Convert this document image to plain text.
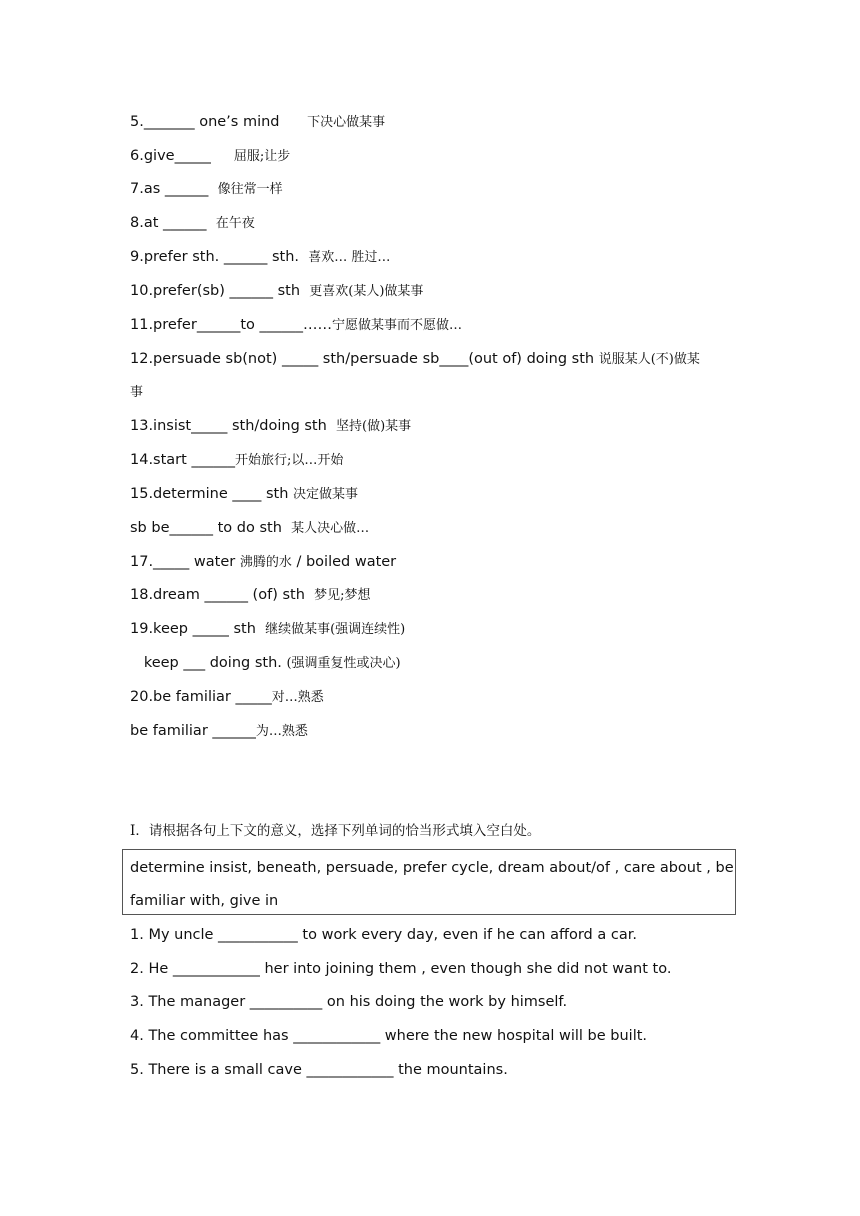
5._______ one’s mind 下决心做某事
6.give_____ 屈服;让步
7.as ______ 像往常一样
8.at ______ 在午夜
9.prefer sth. ______ sth. 喜欢… 胜过…
10.prefer(sb) ______ sth 更喜欢(某人)做某事
11.prefer______to ______……宁愿做某事而不愿做…
12.persuade sb(not) _____ sth/persuade sb____(out of) doing sth 说服某人(不)做某
事
13.insist_____ sth/doing sth 坚持(做)某事
14.start ______开始旅行;以…开始
15.determine ____ sth 决定做某事
sb be______ to do sth 某人决心做…
17._____ water 沸腾的水 / boiled water
18.dream ______ (of) sth 梦见;梦想
19.keep _____ sth 继续做某事(强调连续性)
keep ___ doing sth. (强调重复性或决心)
20.be familiar _____对…熟悉
be familiar ______为…熟悉
I．请根据各句上下文的意义，选择下列单词的恰当形式填入空白处。
determine insist, beneath, persuade, prefer cycle, dream about/of , care about , be
familiar with, give in
1. My uncle ___________ to work every day, even if he can afford a car.
2. He ____________ her into joining them , even though she did not want to.
3. The manager __________ on his doing the work by himself.
4. The committee has ____________ where the new hospital will be built.
5. There is a small cave ____________ the mountains.
